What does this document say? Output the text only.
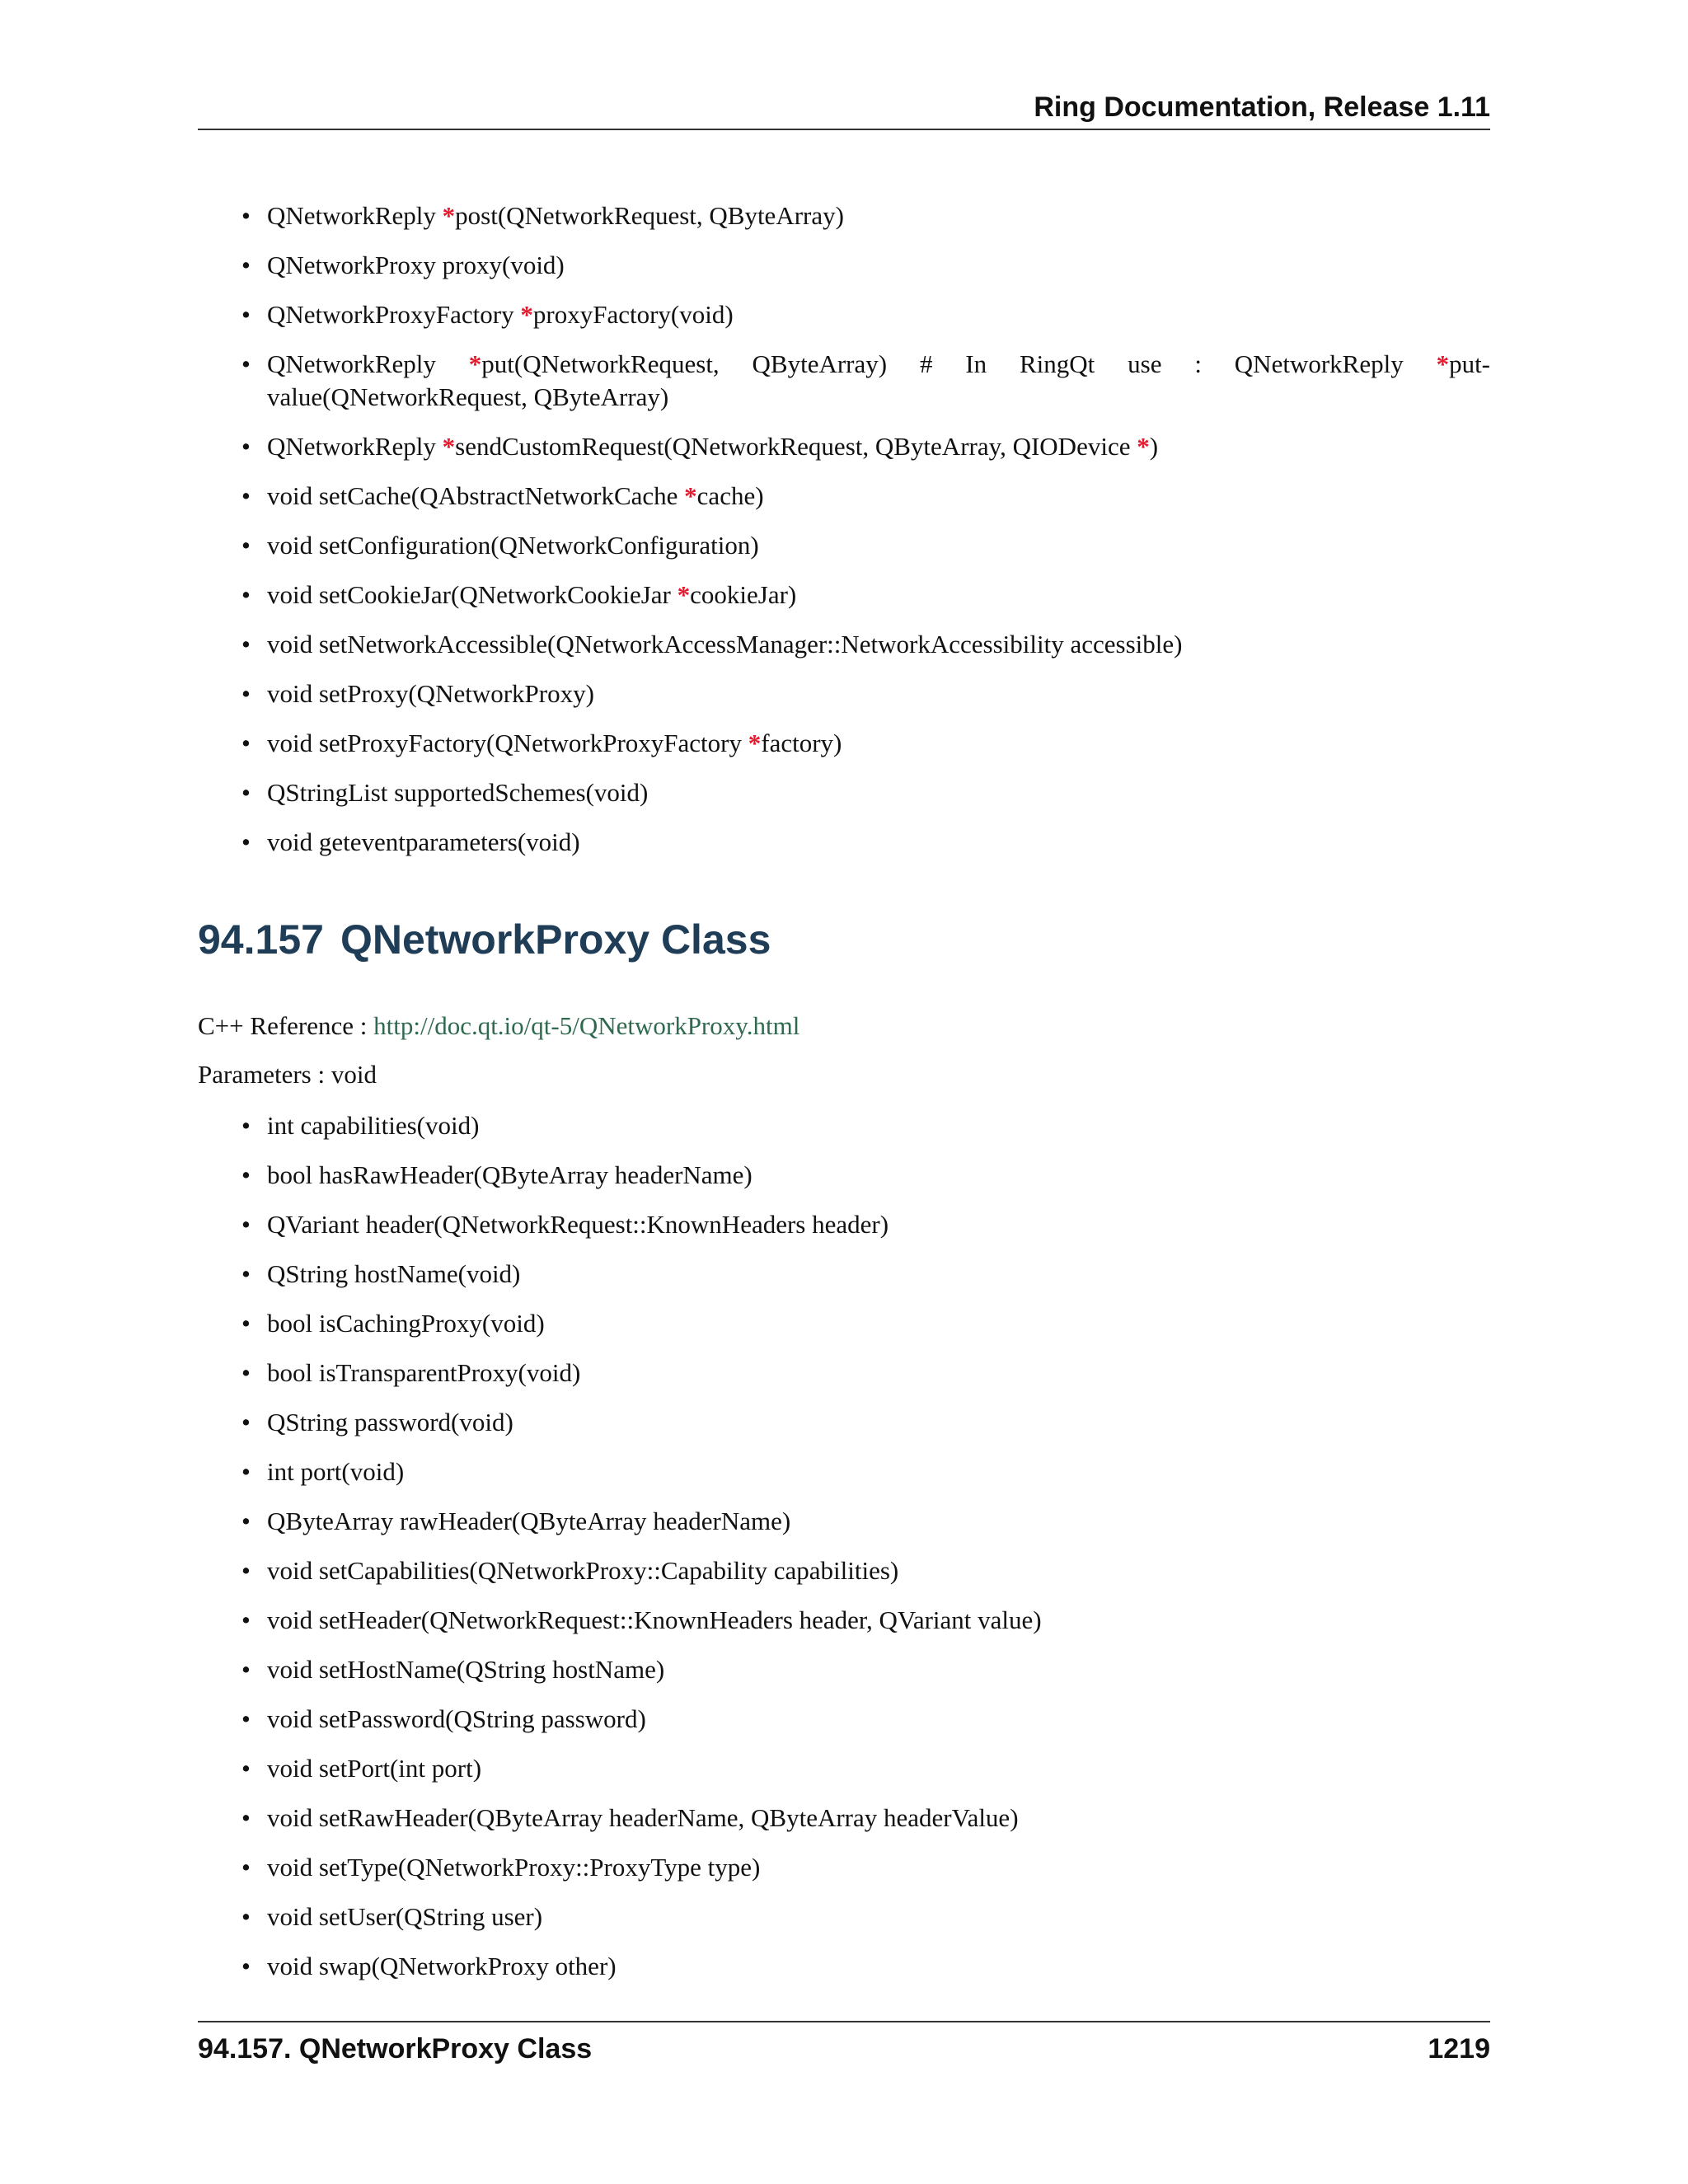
Ring Documentation, Release 1.11
• QNetworkReply *post(QNetworkRequest, QByteArray)
• QNetworkProxy proxy(void)
• QNetworkProxyFactory *proxyFactory(void)
• QNetworkReply *put(QNetworkRequest, QByteArray) # In RingQt use : QNetworkReply *put-value(QNetworkRequest, QByteArray)
• QNetworkReply *sendCustomRequest(QNetworkRequest, QByteArray, QIODevice *)
• void setCache(QAbstractNetworkCache *cache)
• void setConfiguration(QNetworkConfiguration)
• void setCookieJar(QNetworkCookieJar *cookieJar)
• void setNetworkAccessible(QNetworkAccessManager::NetworkAccessibility accessible)
• void setProxy(QNetworkProxy)
• void setProxyFactory(QNetworkProxyFactory *factory)
• QStringList supportedSchemes(void)
• void geteventparameters(void)
94.157 QNetworkProxy Class
C++ Reference : http://doc.qt.io/qt-5/QNetworkProxy.html
Parameters : void
• int capabilities(void)
• bool hasRawHeader(QByteArray headerName)
• QVariant header(QNetworkRequest::KnownHeaders header)
• QString hostName(void)
• bool isCachingProxy(void)
• bool isTransparentProxy(void)
• QString password(void)
• int port(void)
• QByteArray rawHeader(QByteArray headerName)
• void setCapabilities(QNetworkProxy::Capability capabilities)
• void setHeader(QNetworkRequest::KnownHeaders header, QVariant value)
• void setHostName(QString hostName)
• void setPassword(QString password)
• void setPort(int port)
• void setRawHeader(QByteArray headerName, QByteArray headerValue)
• void setType(QNetworkProxy::ProxyType type)
• void setUser(QString user)
• void swap(QNetworkProxy other)
94.157. QNetworkProxy Class	1219
